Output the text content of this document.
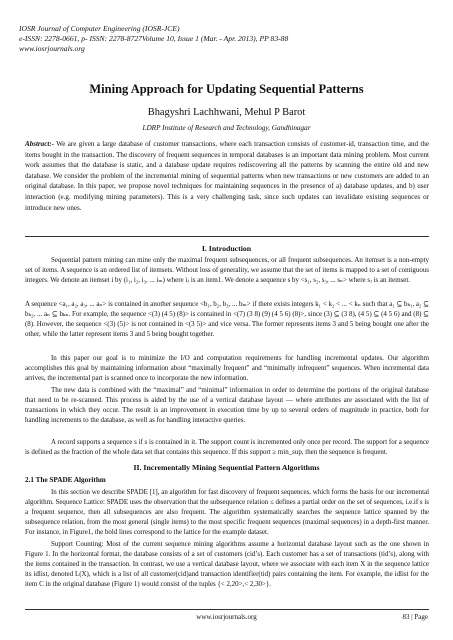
IOSR Journal of Computer Engineering (IOSR-JCE)
e-ISSN: 2278-0661, p- ISSN: 2278-8727Volume 10, Issue 1 (Mar. - Apr. 2013), PP 83-88
www.iosrjournals.org
Mining Approach for Updating Sequential Patterns
Bhagyshri Lachhwani, Mehul P Barot
LDRP Institute of Research and Technology, Gandhinagar

Abstract:- We are given a large database of customer transactions, where each transaction consists of customer-id, transaction time, and the items bought in the transaction. The discovery of frequent sequences in temporal databases is an important data mining problem. Most current work assumes that the database is static, and a database update requires rediscovering all the patterns by scanning the entire old and new database. We consider the problem of the incremental mining of sequential patterns when new transactions or new customers are added to an original database. In this paper, we propose novel techniques for maintaining sequences in the presence of a) database updates, and b) user interaction (e.g. modifying mining parameters). This is a very challenging task, since such updates can invalidate existing sequences or introduce new ones.

I. Introduction

Sequential pattern mining can mine only the maximal frequent subsequences, or all frequent subsequences. An itemset is a non-empty set of items. A sequence is an ordered list of itemsets. Without loss of generality, we assume that the set of items is mapped to a set of contiguous integers. We denote an itemset i by (i₁, i₂, i₃, ... iₘ) where iⱼ is an item1. We denote a sequence s by <s₁, s₂, s₃, ... sₙ> where sⱼ is an itemset.

A sequence <a₁, a₂, a₃, ... aₙ> is contained in another sequence <b₁, b₂, b₃, ... bₘ> if there exists integers k₁ < k₂ < ... < kₙ such that a₁ ⊆ bₖ₁, a₂ ⊆ bₖ₂, ... aₙ ⊆ bₖₙ. For example, the sequence <(3) (4 5) (8)> is contained in <(7) (3 8) (9) (4 5 6) (8)>, since (3) ⊆ (3 8), (4 5) ⊆ (4 5 6) and (8) ⊆ (8). However, the sequence <(3) (5)> is not contained in <(3 5)> and vice versa. The former represents items 3 and 5 being bought one after the other, while the latter represent items 3 and 5 being bought together.

In this paper our goal is to minimize the I/O and computation requirements for handling incremental updates. Our algorithm accomplishes this goal by maintaining information about “maximally frequent” and “minimally infrequent” sequences. When incremental data arrives, the incremental part is scanned once to incorporate the new information.

The new data is combined with the “maximal” and “minimal” information in order to determine the portions of the original database that need to be re-scanned. This process is aided by the use of a vertical database layout — where attributes are associated with the list of transactions in which they occur. The result is an improvement in execution time by up to several orders of magnitude in practice, both for handling increments to the database, as well as for handling interactive queries.

A record supports a sequence s if s is contained in it. The support count is incremented only once per record. The support for a sequence is defined as the fraction of the whole data set that contains this sequence. If this support ≥ min_sup, then the sequence is frequent.

II. Incrementally Mining Sequential Pattern Algorithms
2.1 The SPADE Algorithm

In this section we describe SPADE [1], an algorithm for fast discovery of frequent sequences, which forms the basis for our incremental algorithm. Sequence Lattice: SPADE uses the observation that the subsequence relation ≤ defines a partial order on the set of sequences, i.e.if s is a frequent sequence, then all subsequences are also frequent. The algorithm systematically searches the sequence lattice spanned by the subsequence relation, from the most general (single items) to the most specific frequent sequences (maximal sequences) in a depth-first manner. For instance, in Figure1, the bold lines correspond to the lattice for the example dataset.

Support Counting: Most of the current sequence mining algorithms assume a horizontal database layout such as the one shown in Figure 1. In the horizontal format, the database consists of a set of customers (cid’s). Each customer has a set of transactions (tid’s), along with the items contained in the transaction. In contrast, we use a vertical database layout, where we associate with each item X in the sequence lattice its idlist, denoted L(X), which is a list of all customer(cid)and transaction identifier(tid) pairs containing the item. For example, the idlist for the item C in the original database (Figure 1) would consist of the tuples {< 2,20>,< 2,30>}.

www.iosrjournals.org	83 | Page
